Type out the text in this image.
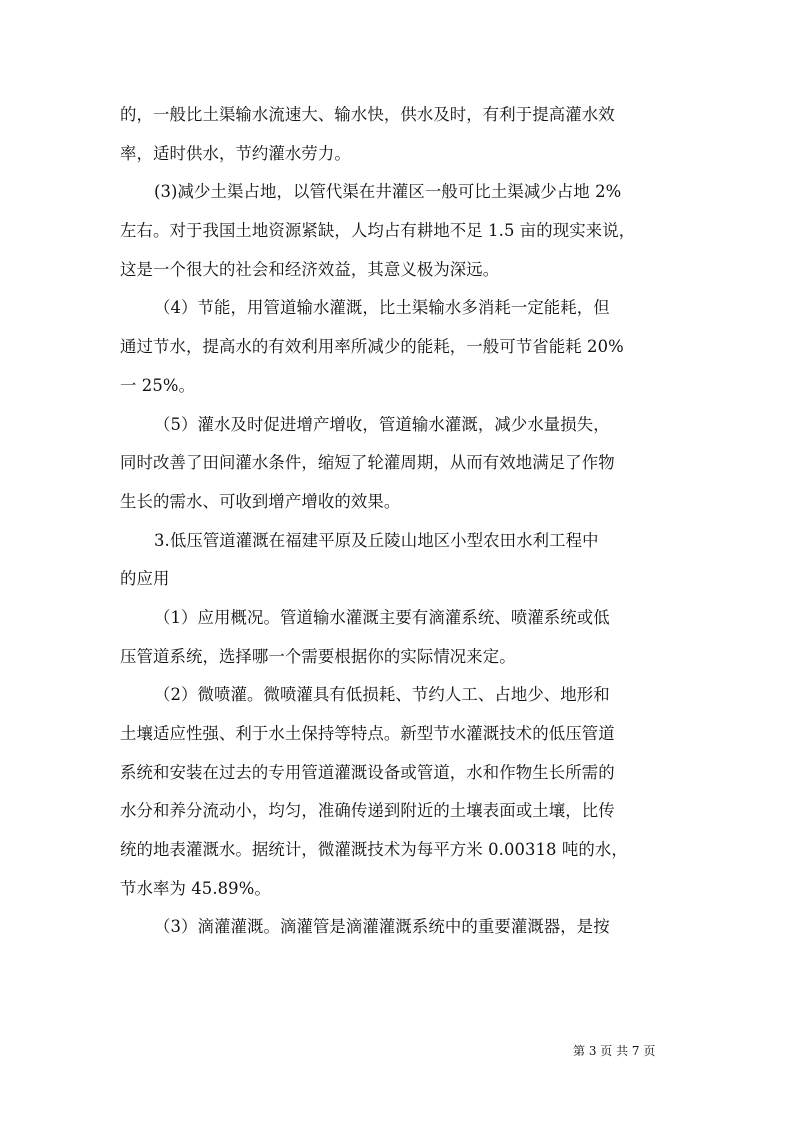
的，一般比土渠输水流速大、输水快，供水及时，有利于提高灌水效
率，适时供水，节约灌水劳力。
(3)减少土渠占地，以管代渠在井灌区一般可比土渠减少占地 2%
左右。对于我国土地资源紧缺，人均占有耕地不足 1.5 亩的现实来说，
这是一个很大的社会和经济效益，其意义极为深远。
（4）节能，用管道输水灌溉，比土渠输水多消耗一定能耗，但
通过节水，提高水的有效利用率所减少的能耗，一般可节省能耗 20%
一 25%。
（5）灌水及时促进增产增收，管道输水灌溉，减少水量损失，
同时改善了田间灌水条件，缩短了轮灌周期，从而有效地满足了作物
生长的需水、可收到增产增收的效果。
3.低压管道灌溉在福建平原及丘陵山地区小型农田水利工程中
的应用
（1）应用概况。管道输水灌溉主要有滴灌系统、喷灌系统或低
压管道系统，选择哪一个需要根据你的实际情况来定。
（2）微喷灌。微喷灌具有低损耗、节约人工、占地少、地形和
土壤适应性强、利于水土保持等特点。新型节水灌溉技术的低压管道
系统和安装在过去的专用管道灌溉设备或管道，水和作物生长所需的
水分和养分流动小，均匀，准确传递到附近的土壤表面或土壤，比传
统的地表灌溉水。据统计，微灌溉技术为每平方米 0.00318 吨的水，
节水率为 45.89%。
（3）滴灌灌溉。滴灌管是滴灌灌溉系统中的重要灌溉器，是按
第 3 页 共 7 页
